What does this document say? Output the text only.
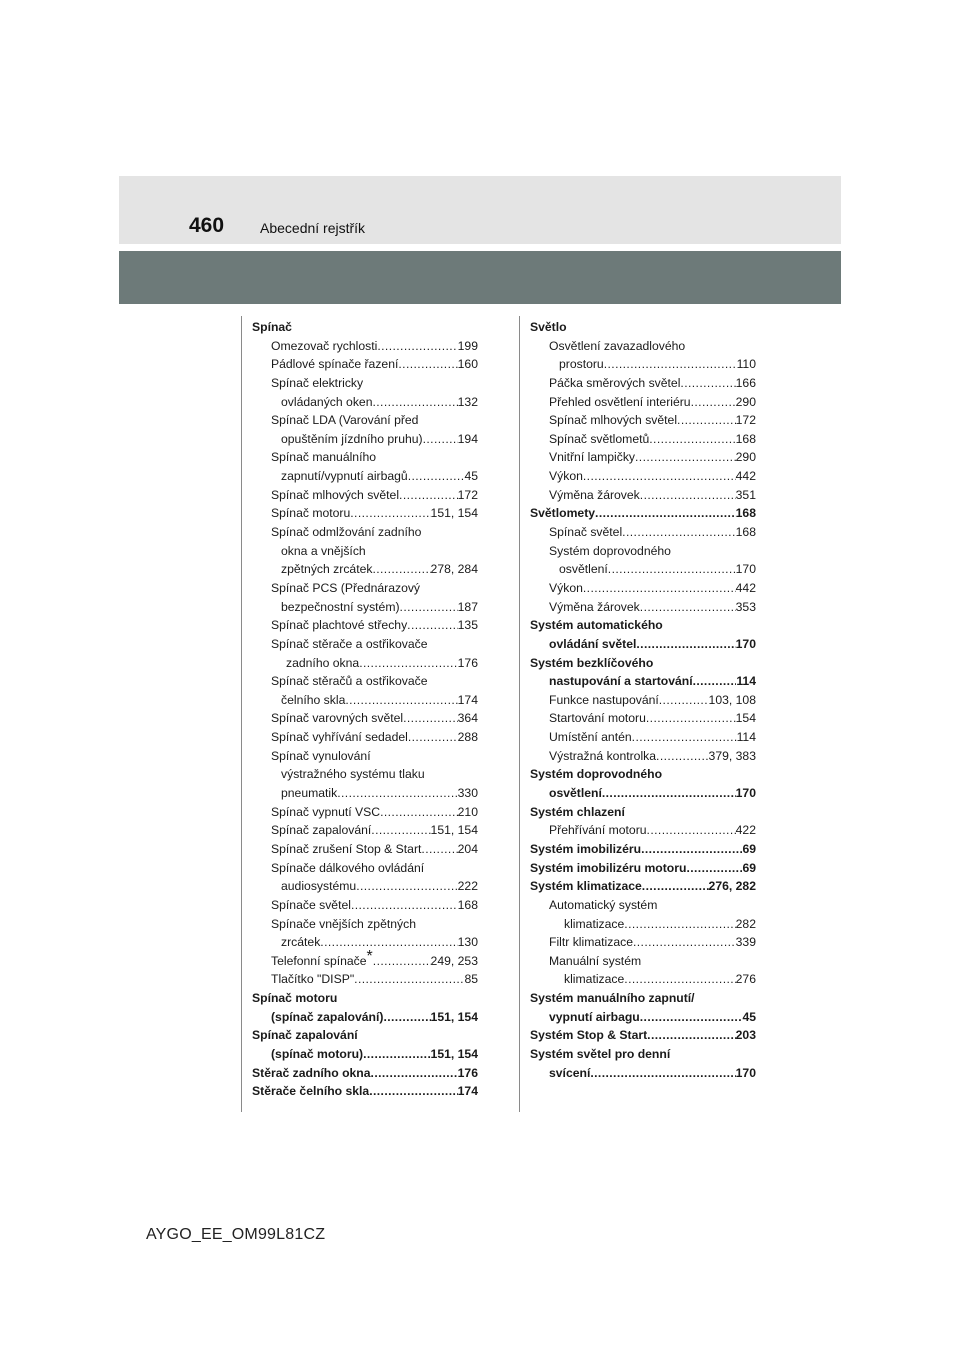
460	Abecední rejstřík
Spínač
Omezovač rychlosti .....	199
Pádlové spínače řazení .....	160
Spínač elektricky
ovládaných oken .....	132
Spínač LDA (Varování před
opuštěním jízdního pruhu) .....	194
Spínač manuálního
zapnutí/vypnutí airbagů .....	45
Spínač mlhových světel .....	172
Spínač motoru .....	151, 154
Spínač odmlžování zadního
okna a vnějších
zpětných zrcátek .....	278, 284
Spínač PCS (Přednárazový
bezpečnostní systém) .....	187
Spínač plachtové střechy .....	135
Spínač stěrače a ostřikovače
zadního okna .....	176
Spínač stěračů a ostřikovače
čelního skla .....	174
Spínač varovných světel .....	364
Spínač vyhřívání sedadel .....	288
Spínač vynulování
výstražného systému tlaku
pneumatik .....	330
Spínač vypnutí VSC .....	210
Spínač zapalování .....	151, 154
Spínač zrušení Stop & Start .....	204
Spínače dálkového ovládání
audiosystému .....	222
Spínače světel .....	168
Spínače vnějších zpětných
zrcátek .....	130
Telefonní spínače * .....	249, 253
Tlačítko "DISP" .....	85
Spínač motoru
(spínač zapalování) .....	151, 154
Spínač zapalování
(spínač motoru) .....	151, 154
Stěrač zadního okna .....	176
Stěrače čelního skla .....	174
Světlo
Osvětlení zavazadlového
prostoru .....	110
Páčka směrových světel .....	166
Přehled osvětlení interiéru .....	290
Spínač mlhových světel .....	172
Spínač světlometů .....	168
Vnitřní lampičky .....	290
Výkon .....	442
Výměna žárovek .....	351
Světlomety .....	168
Spínač světel .....	168
Systém doprovodného
osvětlení .....	170
Výkon .....	442
Výměna žárovek .....	353
Systém automatického
ovládání světel .....	170
Systém bezklíčového
nastupování a startování .....	114
Funkce nastupování .....	103, 108
Startování motoru .....	154
Umístění antén .....	114
Výstražná kontrolka .....	379, 383
Systém doprovodného
osvětlení .....	170
Systém chlazení
Přehřívání motoru .....	422
Systém imobilizéru .....	69
Systém imobilizéru motoru .....	69
Systém klimatizace .....	276, 282
Automatický systém
klimatizace .....	282
Filtr klimatizace .....	339
Manuální systém
klimatizace .....	276
Systém manuálního zapnutí/
vypnutí airbagu .....	45
Systém Stop & Start .....	203
Systém světel pro denní
svícení .....	170
AYGO_EE_OM99L81CZ
